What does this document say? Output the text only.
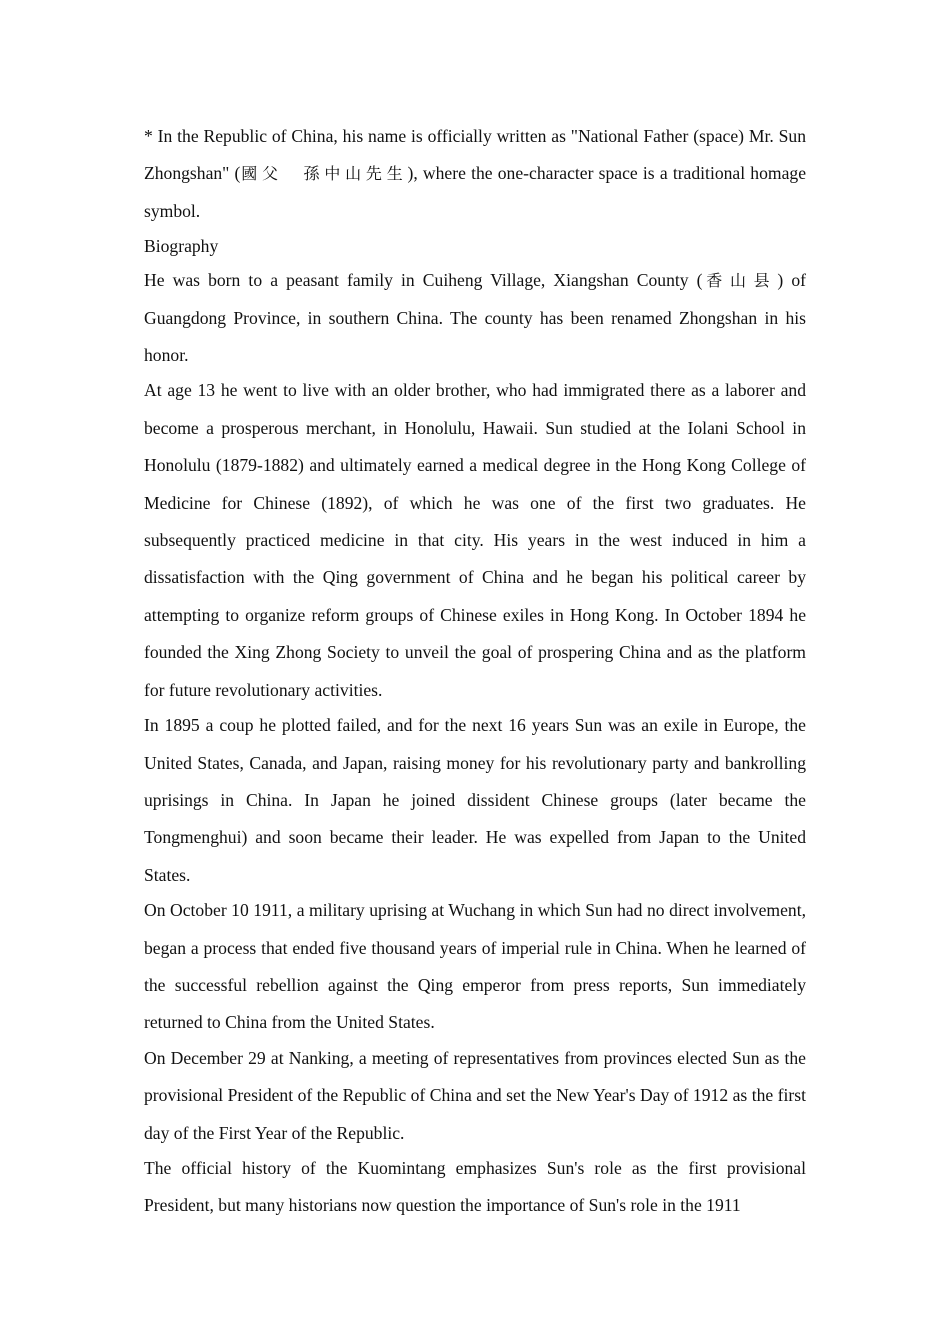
* In the Republic of China, his name is officially written as "National Father (space) Mr. Sun Zhongshan" (國父　孫中山先生), where the one-character space is a traditional homage symbol.

Biography

He was born to a peasant family in Cuiheng Village, Xiangshan County (香山县) of Guangdong Province, in southern China. The county has been renamed Zhongshan in his honor.

At age 13 he went to live with an older brother, who had immigrated there as a laborer and become a prosperous merchant, in Honolulu, Hawaii. Sun studied at the Iolani School in Honolulu (1879-1882) and ultimately earned a medical degree in the Hong Kong College of Medicine for Chinese (1892), of which he was one of the first two graduates. He subsequently practiced medicine in that city. His years in the west induced in him a dissatisfaction with the Qing government of China and he began his political career by attempting to organize reform groups of Chinese exiles in Hong Kong. In October 1894 he founded the Xing Zhong Society to unveil the goal of prospering China and as the platform for future revolutionary activities.

In 1895 a coup he plotted failed, and for the next 16 years Sun was an exile in Europe, the United States, Canada, and Japan, raising money for his revolutionary party and bankrolling uprisings in China. In Japan he joined dissident Chinese groups (later became the Tongmenghui) and soon became their leader. He was expelled from Japan to the United States.

On October 10 1911, a military uprising at Wuchang in which Sun had no direct involvement, began a process that ended five thousand years of imperial rule in China. When he learned of the successful rebellion against the Qing emperor from press reports, Sun immediately returned to China from the United States.

On December 29 at Nanking, a meeting of representatives from provinces elected Sun as the provisional President of the Republic of China and set the New Year's Day of 1912 as the first day of the First Year of the Republic.

The official history of the Kuomintang emphasizes Sun's role as the first provisional President, but many historians now question the importance of Sun's role in the 1911
